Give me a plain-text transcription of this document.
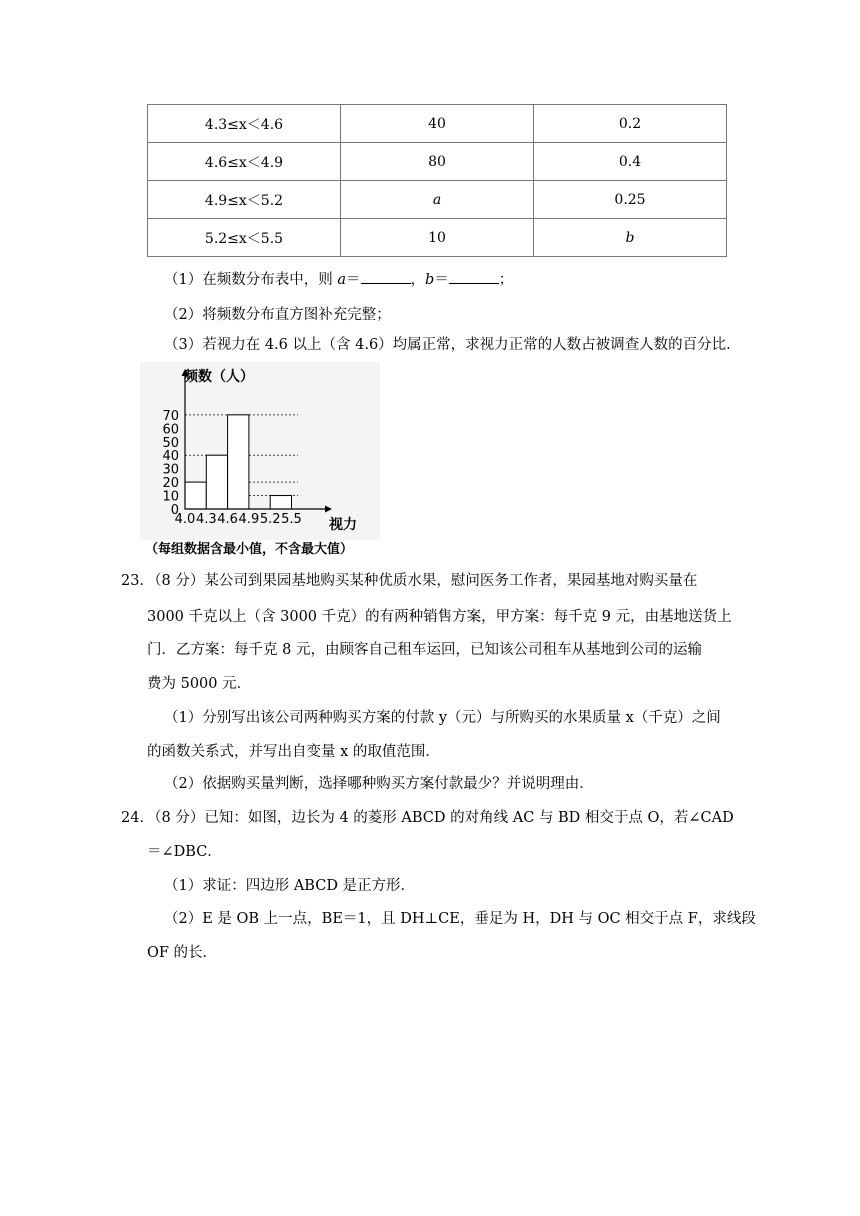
4.3≤x＜4.6	40	0.2
4.6≤x＜4.9	80	0.4
4.9≤x＜5.2	a	0.25
5.2≤x＜5.5	10	b
（1）在频数分布表中，则 a＝	，b＝	；
（2）将频数分布直方图补充完整；
（3）若视力在 4.6 以上（含 4.6）均属正常，求视力正常的人数占被调查人数的百分比．
0
10
20
30
40
50
60
70
4.0 4.3 4.6 4.9 5.2 5.5
频数（人）
视力
（每组数据含最小值，不含最大值）
23．
（8 分）某公司到果园基地购买某种优质水果，慰问医务工作者，果园基地对购买量在
3000 千克以上（含 3000 千克）的有两种销售方案，甲方案：每千克 9 元，由基地送货上
门．乙方案：每千克 8 元，由顾客自己租车运回，已知该公司租车从基地到公司的运输
费为 5000 元．
（1）分别写出该公司两种购买方案的付款 y（元）与所购买的水果质量 x（千克）之间
的函数关系式，并写出自变量 x 的取值范围．
（2）依据购买量判断，选择哪种购买方案付款最少？并说明理由．
24．
（8 分）已知：如图，边长为 4 的菱形 ABCD 的对角线 AC 与 BD 相交于点 O，若∠CAD
＝∠DBC．
（1）求证：四边形 ABCD 是正方形．
（2）E 是 OB 上一点，BE＝1，且 DH⊥CE，垂足为 H，DH 与 OC 相交于点 F，求线段
OF 的长．
